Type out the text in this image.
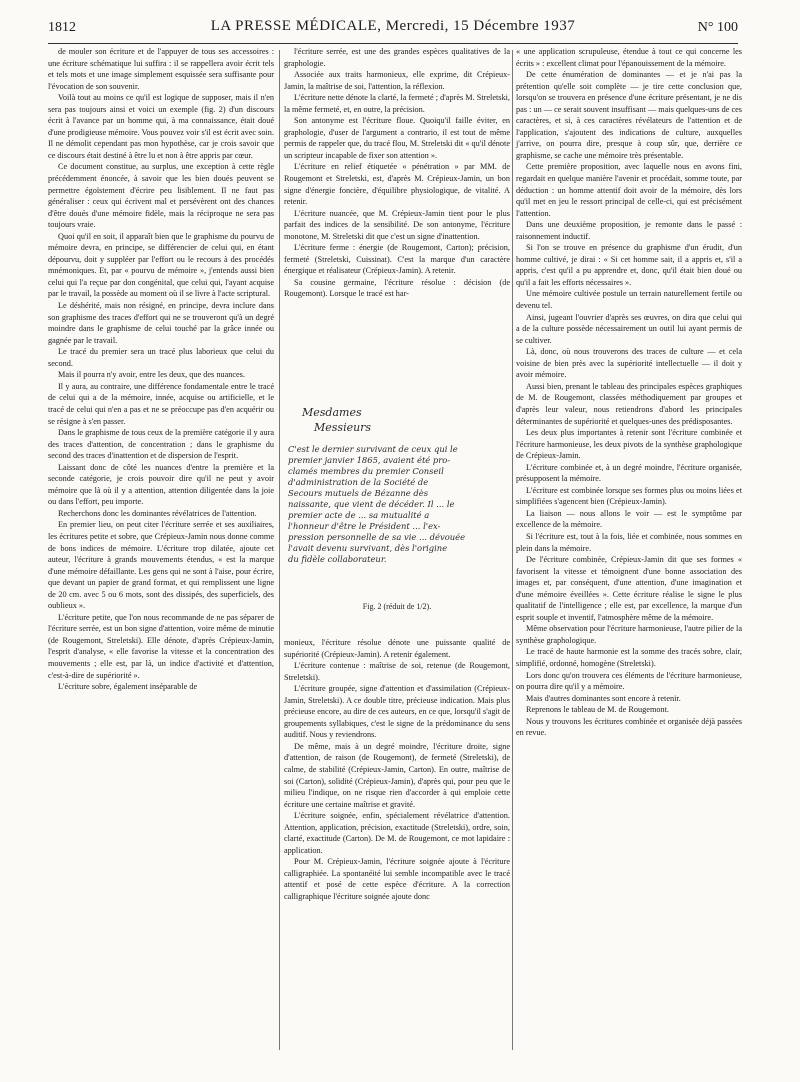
1812	LA PRESSE MÉDICALE, Mercredi, 15 Décembre 1937	N° 100

de mouler son écriture et de l'appuyer de tous ses accessoires : une écriture schématique lui suffira : il se rappellera avoir écrit tels et tels mots et une image simplement esquissée sera suffisante pour l'évocation de son souvenir.

Voilà tout au moins ce qu'il est logique de supposer, mais il n'en sera pas toujours ainsi et voici un exemple (fig. 2) d'un discours écrit à l'avance par un homme qui, à ma connaissance, était doué d'une prodigieuse mémoire. Vous pouvez voir s'il est écrit avec soin. Il ne démolit cependant pas mon hypothèse, car je crois savoir que ce discours était destiné à être lu et non à être appris par cœur.

Ce document constitue, au surplus, une exception à cette règle précédemment énoncée, à savoir que les bien doués peuvent se permettre égoïstement d'écrire peu lisiblement. Il ne faut pas généraliser : ceux qui écrivent mal et persévèrent ont des chances d'être doués d'une mémoire fidèle, mais la réciproque ne sera pas toujours vraie.

Quoi qu'il en soit, il apparaît bien que le graphisme du pourvu de mémoire devra, en principe, se différencier de celui qui, en étant dépourvu, doit y suppléer par l'effort ou le recours à des procédés mnémoniques. Et, par « pourvu de mémoire », j'entends aussi bien celui qui l'a reçue par don congénital, que celui qui, l'ayant acquise par le travail, la possède au moment où il se livre à l'acte scriptural.

Le déshérité, mais non résigné, en principe, devra inclure dans son graphisme des traces d'effort qui ne se trouveront qu'à un degré moindre dans le graphisme de celui touché par la grâce innée ou gagnée par le travail.

Le tracé du premier sera un tracé plus laborieux que celui du second.

Mais il pourra n'y avoir, entre les deux, que des nuances.

Il y aura, au contraire, une différence fondamentale entre le tracé de celui qui a de la mémoire, innée, acquise ou artificielle, et le tracé de celui qui n'en a pas et ne se préoccupe pas d'en acquérir ou se résigne à s'en passer.

Dans le graphisme de tous ceux de la première catégorie il y aura des traces d'attention, de concentration ; dans le graphisme du second des traces d'inattention et de dispersion de l'esprit.

Laissant donc de côté les nuances d'entre la première et la seconde catégorie, je crois pouvoir dire qu'il ne peut y avoir mémoire que là où il y a attention, attention diligentée dans la joie ou dans l'effort, peu importe.

Recherchons donc les dominantes révélatrices de l'attention.

En premier lieu, on peut citer l'écriture serrée et ses auxiliaires, les écritures petite et sobre, que Crépieux-Jamin nous donne comme de bons indices de mémoire. L'écriture trop dilatée, ajoute cet auteur, l'écriture à grands mouvements étendus, « est la marque d'une mémoire défaillante. Les gens qui ne sont à l'aise, pour écrire, que devant un papier de grand format, et qui remplissent une ligne de 20 cm. avec 5 ou 6 mots, sont des dissipés, des superficiels, des oublieux ».

L'écriture petite, que l'on nous recommande de ne pas séparer de l'écriture serrée, est un bon signe d'attention, voire même de minutie (de Rougemont, Streletski). Elle dénote, d'après Crépieux-Jamin, l'esprit d'analyse, « elle favorise la vitesse et la concentration des mouvements ; elle est, par là, un indice d'activité et d'attention, c'est-à-dire de supériorité ».

L'écriture sobre, également inséparable de

l'écriture serrée, est une des grandes espèces qualitatives de la graphologie.

Associée aux traits harmonieux, elle exprime, dit Crépieux-Jamin, la maîtrise de soi, l'attention, la réflexion.

L'écriture nette dénote la clarté, la fermeté ; d'après M. Streletski, la même fermeté, et, en outre, la précision.

Son antonyme est l'écriture floue. Quoiqu'il faille éviter, en graphologie, d'user de l'argument a contrario, il est tout de même permis de rappeler que, du tracé flou, M. Streletski dit « qu'il dénote un scripteur incapable de fixer son attention ».

L'écriture en relief étiquetée « pénétration » par MM. de Rougemont et Streletski, est, d'après M. Crépieux-Jamin, un bon signe d'énergie foncière, d'équilibre physiologique, de vitalité. A retenir.

L'écriture nuancée, que M. Crépieux-Jamin tient pour le plus parfait des indices de la sensibilité. De son antonyme, l'écriture monotone, M. Streletski dit que c'est un signe d'inattention.

L'écriture ferme : énergie (de Rougemont, Carton); précision, fermeté (Streletski, Cuissinat). C'est la marque d'un caractère énergique et réalisateur (Crépieux-Jamin). A retenir.

Sa cousine germaine, l'écriture résolue : décision (de Rougemont). Lorsque le tracé est har-

Mesdames
Messieurs
C'est le dernier survivant de ceux qui le
premier janvier 1865, avaient été pro-
clamés membres du premier Conseil
d'administration de la Société de
Secours mutuels de Bézanne dès
naissante, que vient de décéder. Il ... le
premier acte de ... sa mutualité a
l'honneur d'être le Président ... l'ex-
pression personnelle de sa vie ... dévouée
l'avait devenu survivant, dès l'origine
du fidèle collaborateur.
Fig. 2 (réduit de 1/2).

monieux, l'écriture résolue dénote une puissante qualité de supériorité (Crépieux-Jamin). A retenir également.

L'écriture contenue : maîtrise de soi, retenue (de Rougemont, Streletski).

L'écriture groupée, signe d'attention et d'assimilation (Crépieux-Jamin, Streletski). A ce double titre, précieuse indication. Mais plus précieuse encore, au dire de ces auteurs, en ce que, lorsqu'il s'agit de groupements syllabiques, c'est le signe de la prédominance du sens auditif. Nous y reviendrons.

De même, mais à un degré moindre, l'écriture droite, signe d'attention, de raison (de Rougemont), de fermeté (Streletski), de calme, de stabilité (Crépieux-Jamin, Carton). En outre, maîtrise de soi (Carton), solidité (Crépieux-Jamin), d'après qui, pour peu que le milieu l'indique, on ne risque rien d'accorder à qui emploie cette écriture une certaine maîtrise et gravité.

L'écriture soignée, enfin, spécialement révélatrice d'attention. Attention, application, précision, exactitude (Streletski), ordre, soin, clarté, exactitude (Carton). De M. de Rougemont, ce mot lapidaire : application.

Pour M. Crépieux-Jamin, l'écriture soignée ajoute à l'écriture calligraphiée. La spontanéité lui semble incompatible avec le tracé attentif et posé de cette espèce d'écriture. A la correction calligraphique l'écriture soignée ajoute donc

« une application scrupuleuse, étendue à tout ce qui concerne les écrits » : excellent climat pour l'épanouissement de la mémoire.

De cette énumération de dominantes — et je n'ai pas la prétention qu'elle soit complète — je tire cette conclusion que, lorsqu'on se trouvera en présence d'une écriture présentant, je ne dis pas : un — ce serait souvent insuffisant — mais quelques-uns de ces caractères, et si, à ces caractères révélateurs de l'attention et de l'application, s'ajoutent des indications de culture, auxquelles j'arrive, on pourra dire, presque à coup sûr, que, derrière ce graphisme, se cache une mémoire très présentable.

Cette première proposition, avec laquelle nous en avons fini, regardait en quelque manière l'avenir et procédait, somme toute, par déduction : un homme attentif doit avoir de la mémoire, dès lors qu'il met en jeu le ressort principal de celle-ci, qui est précisément l'attention.

Dans une deuxième proposition, je remonte dans le passé : raisonnement inductif.

Si l'on se trouve en présence du graphisme d'un érudit, d'un homme cultivé, je dirai : « Si cet homme sait, il a appris et, s'il a appris, c'est qu'il a pu apprendre et, donc, qu'il était bien doué ou qu'il a fait les efforts nécessaires ».

Une mémoire cultivée postule un terrain naturellement fertile ou devenu tel.

Ainsi, jugeant l'ouvrier d'après ses œuvres, on dira que celui qui a de la culture possède nécessairement un outil lui ayant permis de se cultiver.

Là, donc, où nous trouverons des traces de culture — et cela voisine de bien près avec la supériorité intellectuelle — il doit y avoir mémoire.

Aussi bien, prenant le tableau des principales espèces graphiques de M. de Rougemont, classées méthodiquement par groupes et d'après leur valeur, nous retiendrons d'abord les principales déterminantes de supériorité et quelques-unes des prédisposantes.

Les deux plus importantes à retenir sont l'écriture combinée et l'écriture harmonieuse, les deux pivots de la synthèse graphologique de Crépieux-Jamin.

L'écriture combinée et, à un degré moindre, l'écriture organisée, présupposent la mémoire.

L'écriture est combinée lorsque ses formes plus ou moins liées et simplifiées s'agencent bien (Crépieux-Jamin).

La liaison — nous allons le voir — est le symptôme par excellence de la mémoire.

Si l'écriture est, tout à la fois, liée et combinée, nous sommes en plein dans la mémoire.

De l'écriture combinée, Crépieux-Jamin dit que ses formes « favorisent la vitesse et témoignent d'une bonne association des images et, par conséquent, d'une attention, d'une imagination et d'une mémoire éveillées ». Cette écriture réalise le signe le plus qualitatif de l'intelligence ; elle est, par excellence, la marque d'un esprit souple et inventif, l'atmosphère même de la mémoire.

Même observation pour l'écriture harmonieuse, l'autre pilier de la synthèse graphologique.

Le tracé de haute harmonie est la somme des tracés sobre, clair, simplifié, ordonné, homogène (Streletski).

Lors donc qu'on trouvera ces éléments de l'écriture harmonieuse, on pourra dire qu'il y a mémoire.

Mais d'autres dominantes sont encore à retenir.

Reprenons le tableau de M. de Rougemont.

Nous y trouvons les écritures combinée et organisée déjà passées en revue.
